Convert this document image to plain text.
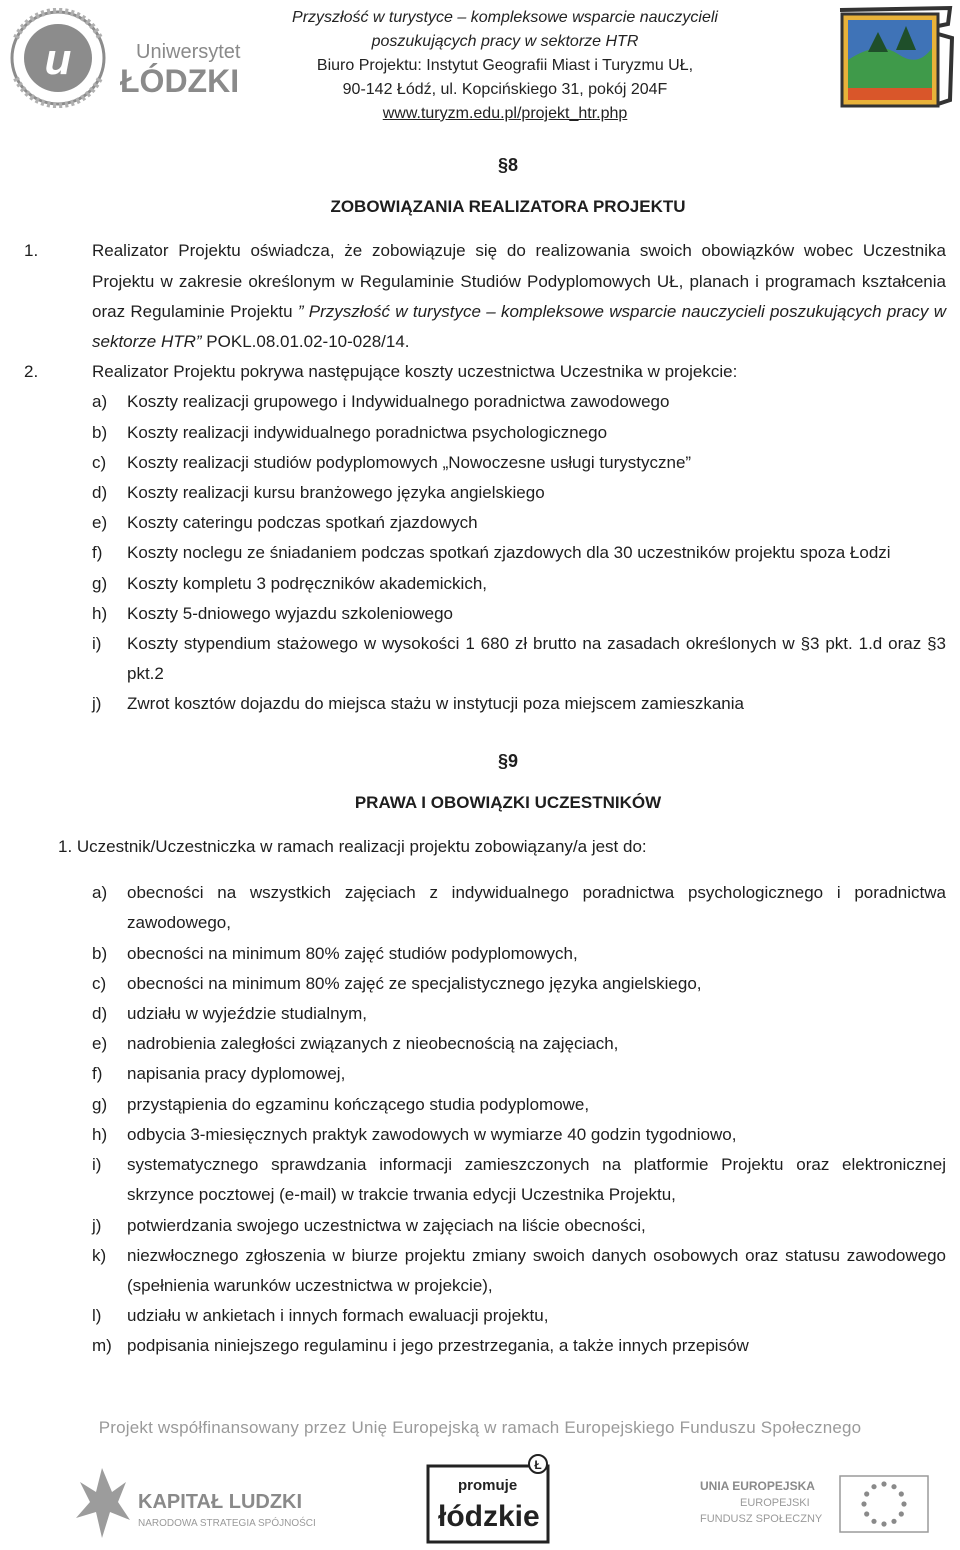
u	Uniwersytet
ŁÓDZKI
Przyszłość w turystyce – kompleksowe wsparcie nauczycieli
poszukujących pracy w sektorze HTR
Biuro Projektu: Instytut Geografii Miast i Turyzmu UŁ,
90-142 Łódź, ul. Kopcińskiego 31, pokój 204F
www.turyzm.edu.pl/projekt_htr.php
§8
ZOBOWIĄZANIA REALIZATORA PROJEKTU
1.	Realizator Projektu oświadcza, że zobowiązuje się do realizowania swoich obowiązków wobec Uczestnika Projektu w zakresie określonym w Regulaminie Studiów Podyplomowych UŁ, planach i programach kształcenia oraz Regulaminie Projektu ” Przyszłość w turystyce – kompleksowe wsparcie nauczycieli poszukujących pracy w sektorze HTR” POKL.08.01.02-10-028/14.
2.	Realizator Projektu pokrywa następujące koszty uczestnictwa Uczestnika w projekcie:
a) Koszty realizacji grupowego i Indywidualnego poradnictwa zawodowego
b) Koszty realizacji indywidualnego poradnictwa psychologicznego
c) Koszty realizacji studiów podyplomowych „Nowoczesne usługi turystyczne”
d) Koszty realizacji kursu branżowego języka angielskiego
e) Koszty cateringu podczas spotkań zjazdowych
f) Koszty noclegu ze śniadaniem podczas spotkań zjazdowych dla 30 uczestników projektu spoza Łodzi
g) Koszty kompletu 3 podręczników akademickich,
h) Koszty 5-dniowego wyjazdu szkoleniowego
i) Koszty stypendium stażowego w wysokości 1 680 zł brutto na zasadach określonych w §3 pkt. 1.d oraz §3 pkt.2
j) Zwrot kosztów dojazdu do miejsca stażu w instytucji poza miejscem zamieszkania
§9
PRAWA I OBOWIĄZKI UCZESTNIKÓW
1. Uczestnik/Uczestniczka w ramach realizacji projektu zobowiązany/a jest do:
a) obecności na wszystkich zajęciach z indywidualnego poradnictwa psychologicznego i poradnictwa zawodowego,
b) obecności na minimum 80% zajęć studiów podyplomowych,
c) obecności na minimum 80% zajęć ze specjalistycznego języka angielskiego,
d) udziału w wyjeździe studialnym,
e) nadrobienia zaległości związanych z nieobecnością na zajęciach,
f) napisania pracy dyplomowej,
g) przystąpienia do egzaminu kończącego studia podyplomowe,
h) odbycia 3-miesięcznych praktyk zawodowych w wymiarze 40 godzin tygodniowo,
i) systematycznego sprawdzania informacji zamieszczonych na platformie Projektu oraz elektronicznej skrzynce pocztowej (e-mail) w trakcie trwania edycji Uczestnika Projektu,
j) potwierdzania swojego uczestnictwa w zajęciach na liście obecności,
k) niezwłocznego zgłoszenia w biurze projektu zmiany swoich danych osobowych oraz statusu zawodowego (spełnienia warunków uczestnictwa w projekcie),
l) udziału w ankietach i innych formach ewaluacji projektu,
m) podpisania niniejszego regulaminu i jego przestrzegania, a także innych przepisów
Projekt współfinansowany przez Unię Europejską w ramach Europejskiego Funduszu Społecznego
KAPITAŁ LUDZKI
NARODOWA STRATEGIA SPÓJNOŚCI
Ł
promuje
łódzkie
UNIA EUROPEJSKA
EUROPEJSKI
FUNDUSZ SPOŁECZNY
